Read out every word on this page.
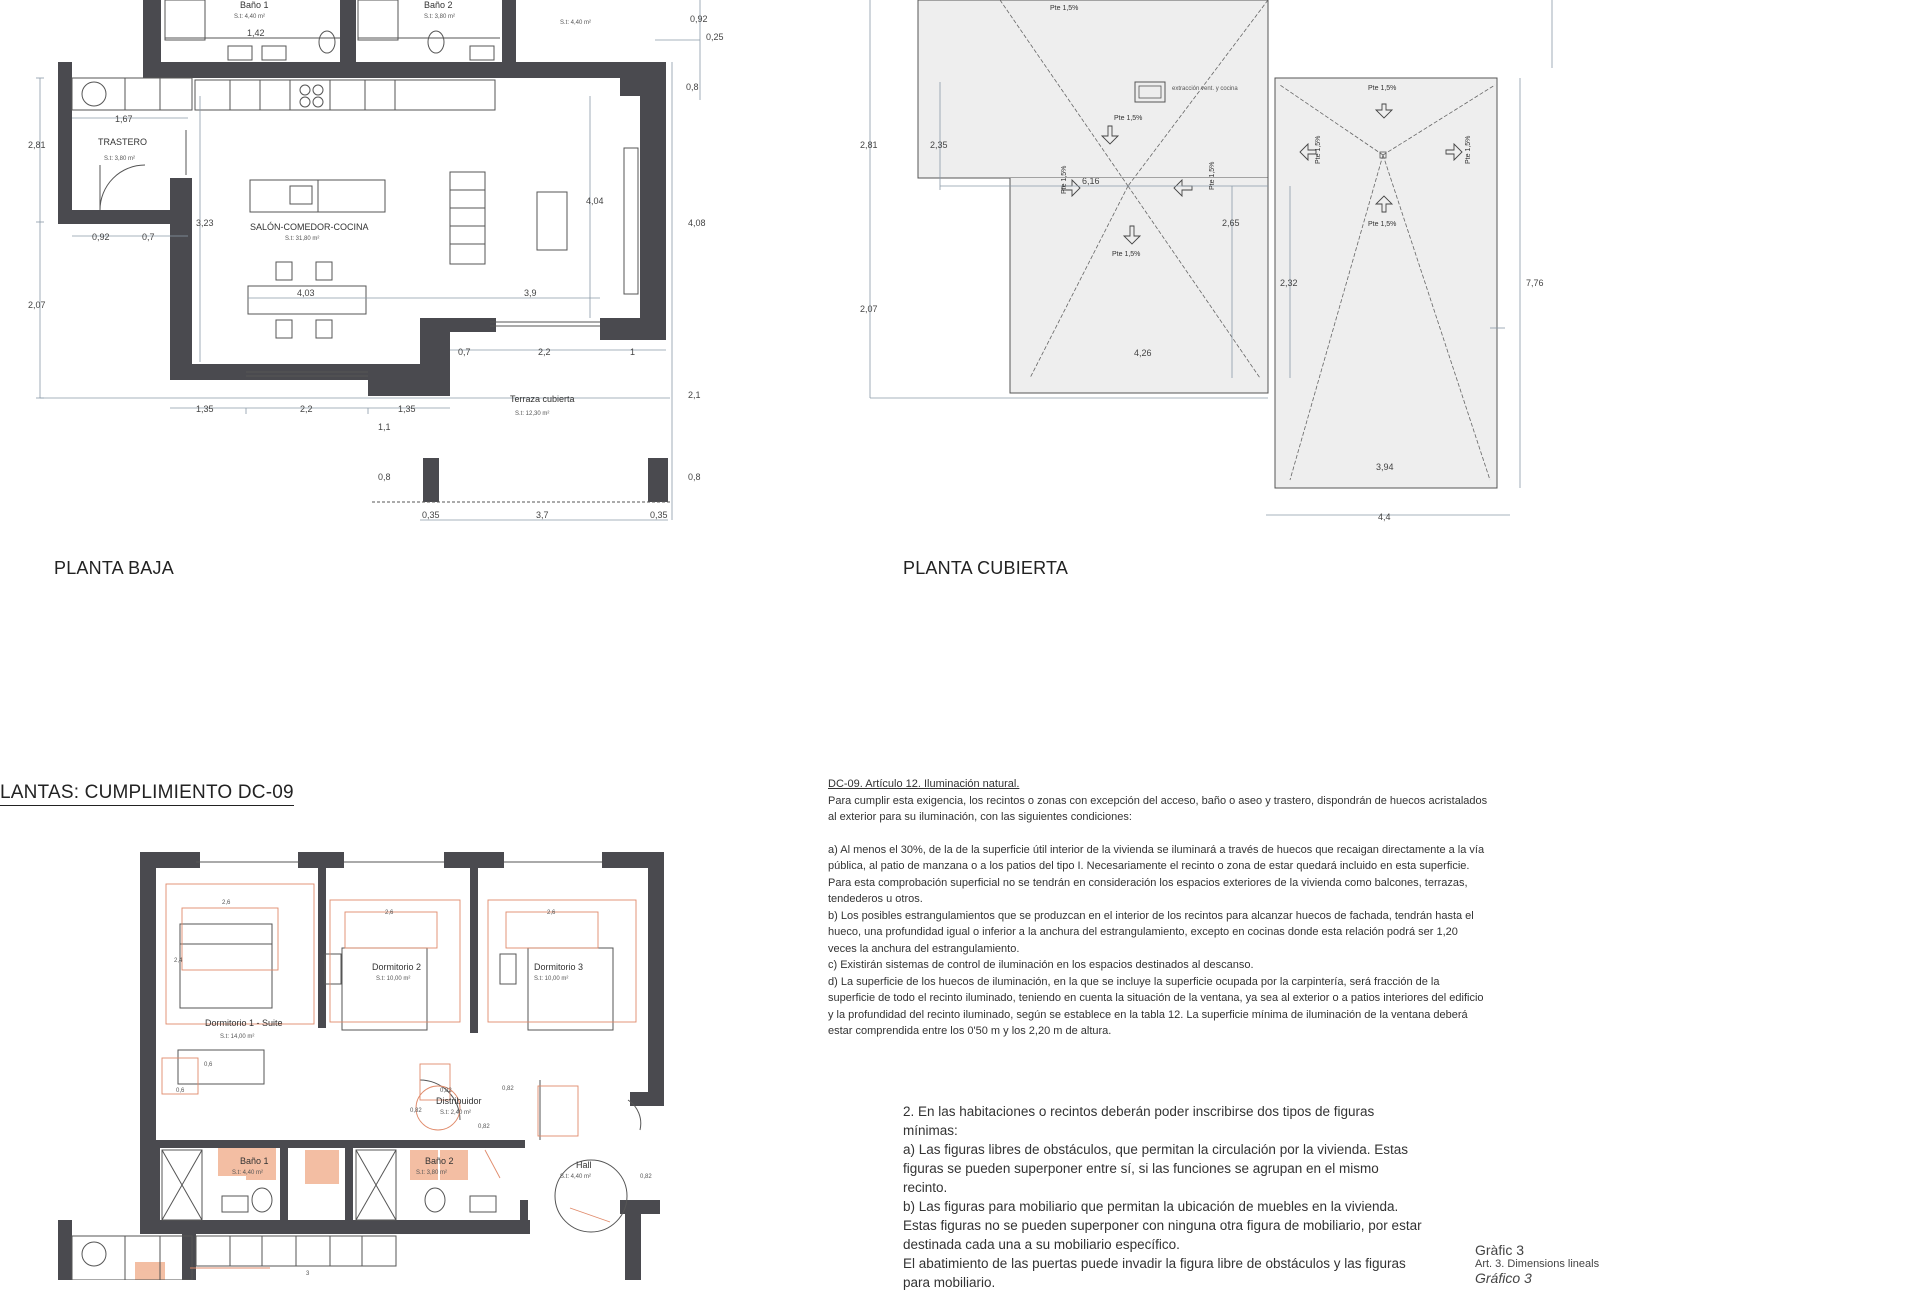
Baño 1
S.t: 4,40 m²
Baño 2
S.t: 3,80 m²
S.t: 4,40 m²
TRASTERO
S.t: 3,80 m²
SALÓN-COMEDOR-COCINA
S.t: 31,80 m²
Terraza cubierta
S.t: 12,30 m²
0,92
0,25
0,8
2,81
1,67
1,42
0,92	0,7
3,23
4,04
4,08
4,03	3,9
2,07
0,7	2,2	1
2,1
1,35	2,2	1,35
1,1
0,8	0,8
0,35	3,7	0,35
Pte 1,5%
extracción vent. y cocina
Pte 1,5%
Pte 1,5%	Pte 1,5%
Pte 1,5%
Pte 1,5%
Pte 1,5%	Pte 1,5%
Pte 1,5%
2,81	2,35
6,16
2,65
2,07
2,32	7,76
4,26
3,94
4,4
2,6
2,6	2,6
2,4
Dormitorio 1 - Suite
S.t: 14,00 m²
Dormitorio 2
S.t: 10,00 m²
Dormitorio 3
S.t: 10,00 m²
0,6
0,6	0,82	0,82
Distribuidor
S.t: 2,40 m²
0,82
0,82
Baño 1
S.t: 4,40 m²
Baño 2
S.t: 3,80 m²
Hall
S.t: 4,40 m²	0,82
3
PLANTA BAJA	PLANTA CUBIERTA
LANTAS: CUMPLIMIENTO DC-09	DC-09. Artículo 12. Iluminación natural.

Para cumplir esta exigencia, los recintos o zonas con excepción del acceso, baño o aseo y trastero, dispondrán de huecos acristalados al exterior para su iluminación, con las siguientes condiciones:

a) Al menos el 30%, de la de la superficie útil interior de la vivienda se iluminará a través de huecos que recaigan directamente a la vía pública, al patio de manzana o a los patios del tipo I. Necesariamente el recinto o zona de estar quedará incluido en esta superficie. Para esta comprobación superficial no se tendrán en consideración los espacios exteriores de la vivienda como balcones, terrazas, tendederos u otros.

b) Los posibles estrangulamientos que se produzcan en el interior de los recintos para alcanzar huecos de fachada, tendrán hasta el hueco, una profundidad igual o inferior a la anchura del estrangulamiento, excepto en cocinas donde esta relación podrá ser 1,20 veces la anchura del estrangulamiento.

c) Existirán sistemas de control de iluminación en los espacios destinados al descanso.

d) La superficie de los huecos de iluminación, en la que se incluye la superficie ocupada por la carpintería, será fracción de la superficie de todo el recinto iluminado, teniendo en cuenta la situación de la ventana, ya sea al exterior o a patios interiores del edificio y la profundidad del recinto iluminado, según se establece en la tabla 12. La superficie mínima de iluminación de la ventana deberá estar comprendida entre los 0'50 m y los 2,20 m de altura.

2. En las habitaciones o recintos deberán poder inscribirse dos tipos de figuras mínimas:

a) Las figuras libres de obstáculos, que permitan la circulación por la vivienda. Estas figuras se pueden superponer entre sí, si las funciones se agrupan en el mismo recinto.

b) Las figuras para mobiliario que permitan la ubicación de muebles en la vivienda. Estas figuras no se pueden superponer con ninguna otra figura de mobiliario, por estar destinada cada una a su mobiliario específico.

El abatimiento de las puertas puede invadir la figura libre de obstáculos y las figuras para mobiliario.

Gràfic 3
Art. 3. Dimensions lineals
Gráfico 3
